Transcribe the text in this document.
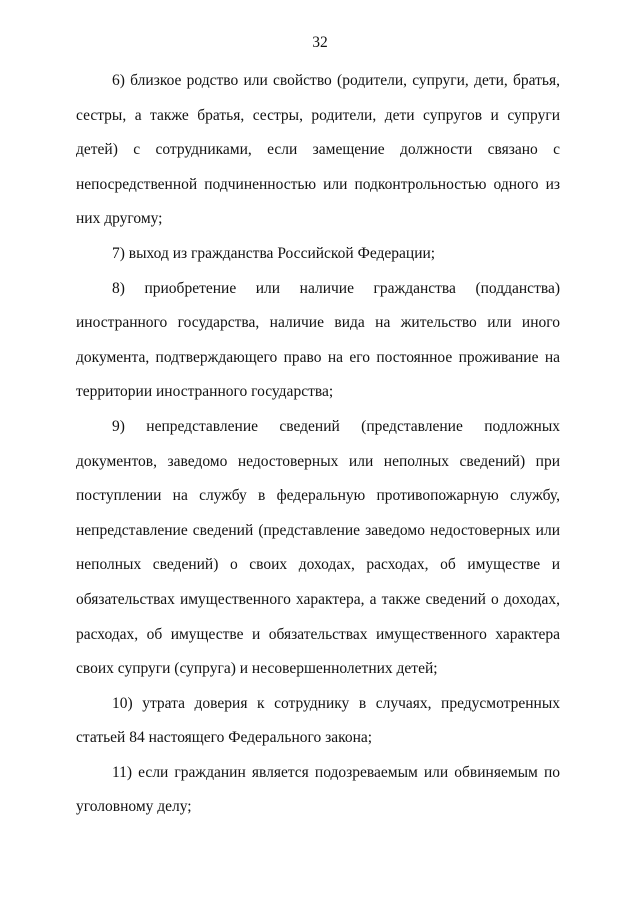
32

6) близкое родство или свойство (родители, супруги, дети, братья, сестры, а также братья, сестры, родители, дети супругов и супруги детей) с сотрудниками, если замещение должности связано с непосредственной подчиненностью или подконтрольностью одного из них другому;

7) выход из гражданства Российской Федерации;

8) приобретение или наличие гражданства (подданства) иностранного государства, наличие вида на жительство или иного документа, подтверждающего право на его постоянное проживание на территории иностранного государства;

9) непредставление сведений (представление подложных документов, заведомо недостоверных или неполных сведений) при поступлении на службу в федеральную противопожарную службу, непредставление сведений (представление заведомо недостоверных или неполных сведений) о своих доходах, расходах, об имуществе и обязательствах имущественного характера, а также сведений о доходах, расходах, об имуществе и обязательствах имущественного характера своих супруги (супруга) и несовершеннолетних детей;

10) утрата доверия к сотруднику в случаях, предусмотренных статьей 84 настоящего Федерального закона;

11) если гражданин является подозреваемым или обвиняемым по уголовному делу;
